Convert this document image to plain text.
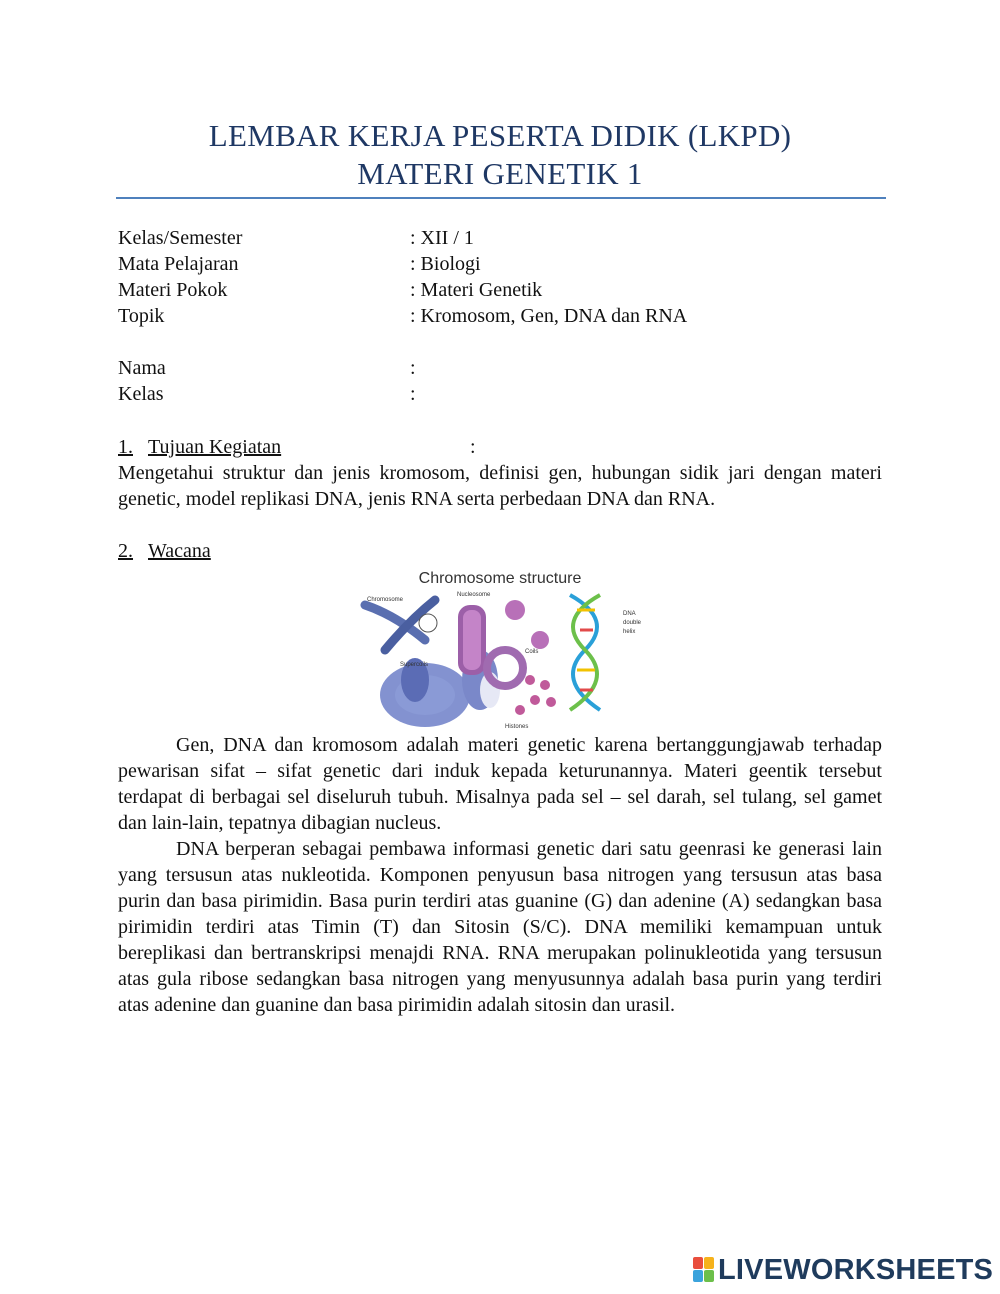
LEMBAR KERJA PESERTA DIDIK (LKPD)
MATERI GENETIK 1
Kelas/Semester	: XII / 1
Mata Pelajaran	: Biologi
Materi Pokok	: Materi Genetik
Topik	: Kromosom, Gen, DNA dan RNA
Nama	:
Kelas	:
1. Tujuan Kegiatan	:

Mengetahui struktur dan jenis kromosom, definisi gen, hubungan sidik jari dengan materi genetic, model replikasi DNA, jenis RNA serta perbedaan DNA dan RNA.

2. Wacana
Chromosome structure
Chromosome
Supercoils
Nucleosome
Coils
Histones
DNA
double
helix

Gen, DNA dan kromosom adalah materi genetic karena bertanggungjawab terhadap pewarisan sifat – sifat genetic dari induk kepada keturunannya. Materi geentik tersebut terdapat di berbagai sel diseluruh tubuh. Misalnya pada sel – sel darah, sel tulang, sel gamet dan lain-lain, tepatnya dibagian nucleus.

DNA berperan sebagai pembawa informasi genetic dari satu geenrasi ke generasi lain yang tersusun atas nukleotida. Komponen penyusun basa nitrogen yang tersusun atas basa purin dan basa pirimidin. Basa purin terdiri atas guanine (G) dan adenine (A) sedangkan basa pirimidin terdiri atas Timin (T) dan Sitosin (S/C). DNA memiliki kemampuan untuk bereplikasi dan bertranskripsi menajdi RNA. RNA merupakan polinukleotida yang tersusun atas gula ribose sedangkan basa nitrogen yang menyusunnya adalah basa purin yang terdiri atas adenine dan guanine dan basa pirimidin adalah sitosin dan urasil.

LIVEWORKSHEETS
